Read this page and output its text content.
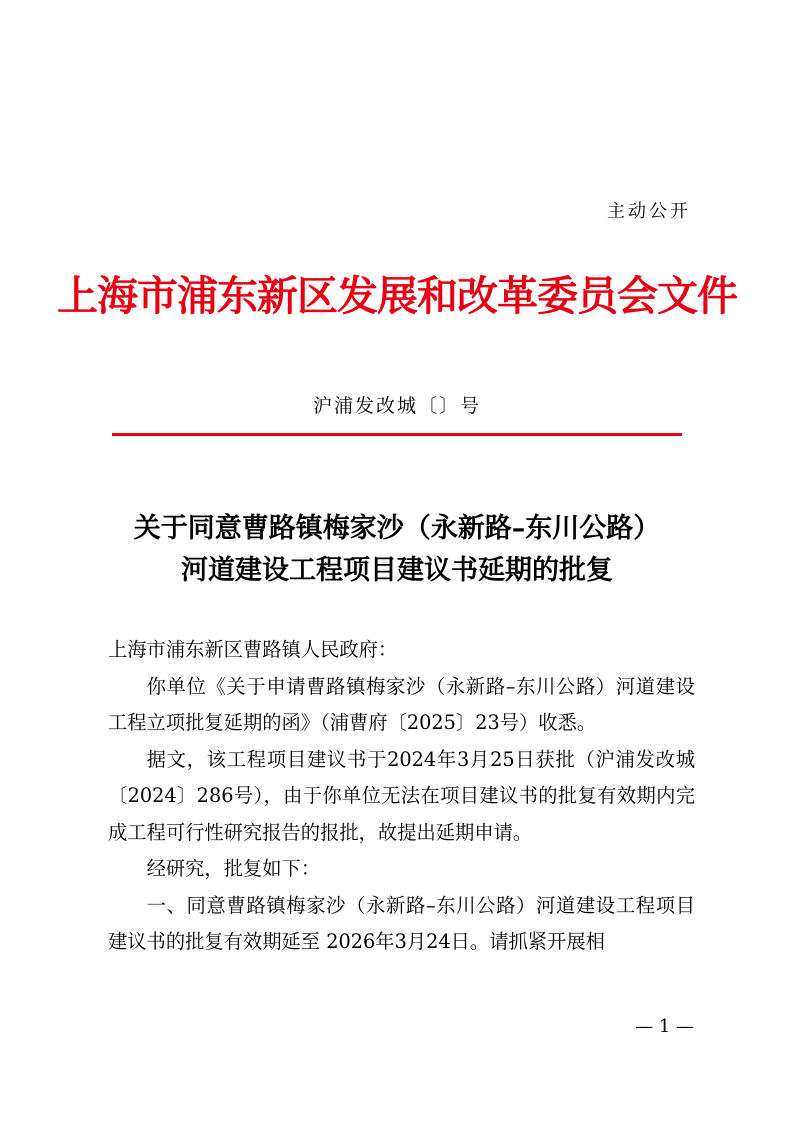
主动公开
上海市浦东新区发展和改革委员会文件
沪浦发改城〔〕号
关于同意曹路镇梅家沙（永新路–东川公路）
河道建设工程项目建议书延期的批复

上海市浦东新区曹路镇人民政府：

你单位《关于申请曹路镇梅家沙（永新路–东川公路）河道建设工程立项批复延期的函》（浦曹府〔2025〕23号）收悉。

据文，该工程项目建议书于2024年3月25日获批（沪浦发改城〔2024〕286号），由于你单位无法在项目建议书的批复有效期内完成工程可行性研究报告的报批，故提出延期申请。

经研究，批复如下：

一、同意曹路镇梅家沙（永新路–东川公路）河道建设工程项目建议书的批复有效期延至 2026年3月24日。请抓紧开展相

— 1 —
